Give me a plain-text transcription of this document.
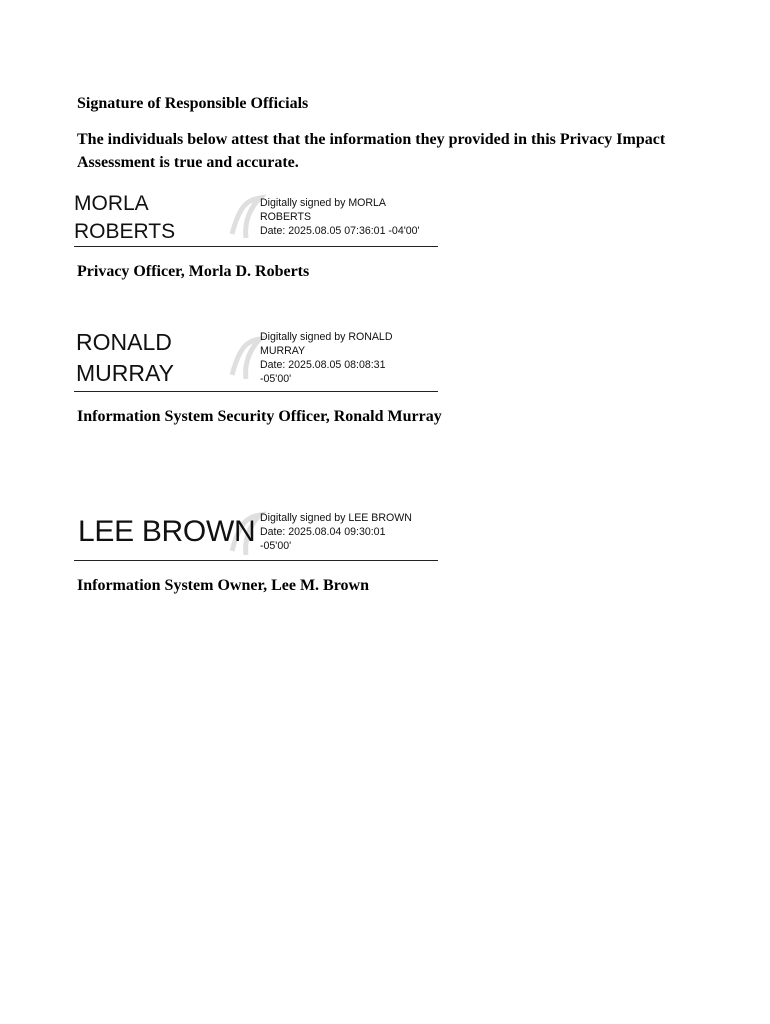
Signature of Responsible Officials

The individuals below attest that the information they provided in this Privacy Impact Assessment is true and accurate.

MORLA
ROBERTS
Digitally signed by MORLA
ROBERTS
Date: 2025.08.05 07:36:01 -04'00'

Privacy Officer, Morla D. Roberts

RONALD
MURRAY
Digitally signed by RONALD
MURRAY
Date: 2025.08.05 08:08:31
-05'00'

Information System Security Officer, Ronald Murray

LEE BROWN Digitally signed by LEE BROWN
Date: 2025.08.04 09:30:01
-05'00'

Information System Owner, Lee M. Brown
